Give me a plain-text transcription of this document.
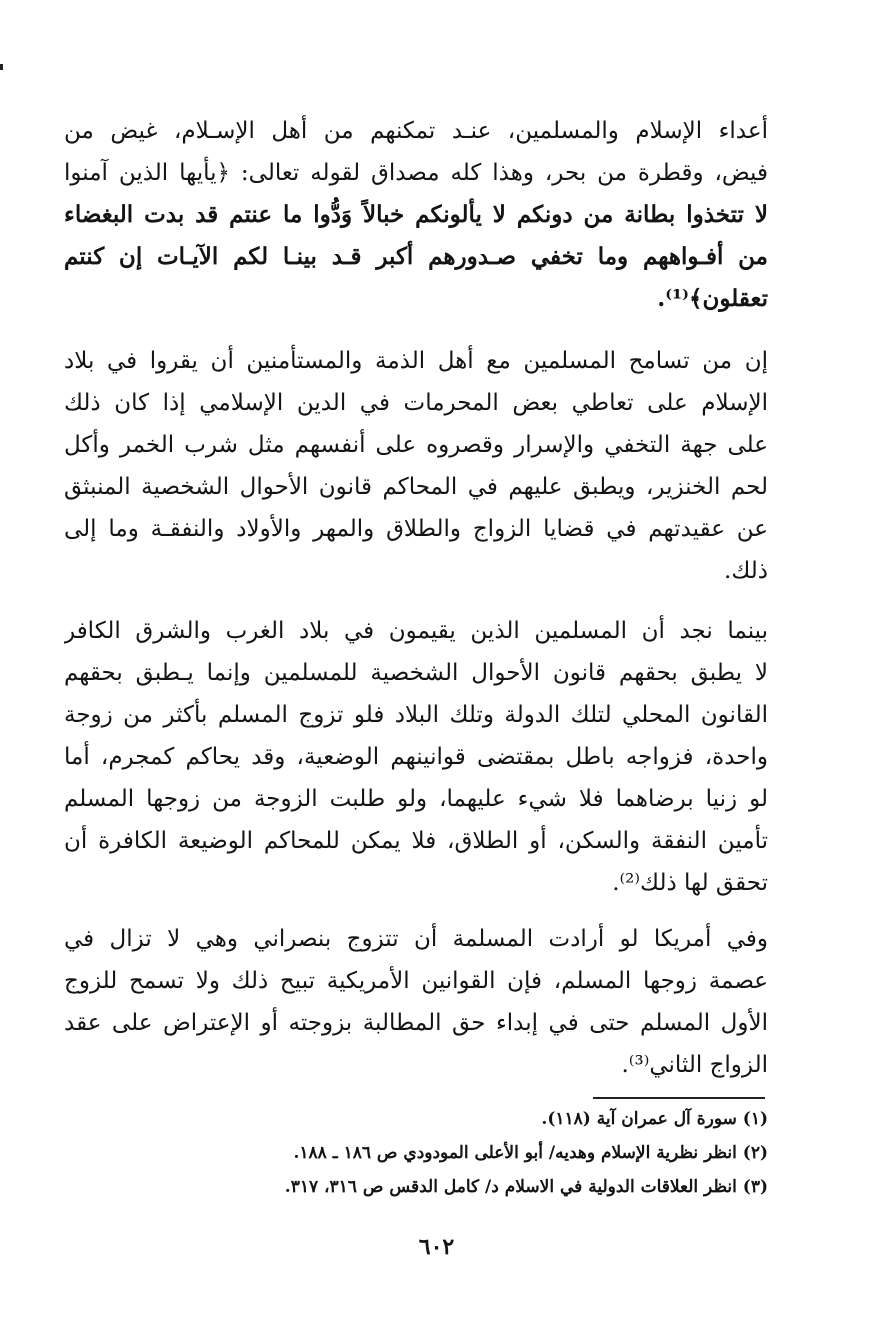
أعداء الإسلام والمسلمين، عنـد تمكنهم من أهل الإسـلام، غيض من
فيض، وقطرة من بحر، وهذا كله مصداق لقوله تعالى: ﴿يأيها الذين آمنوا
لا تتخذوا بطانة من دونكم لا يألونكم خبالاً وَدُّوا ما عنتم قد بدت البغضاء
من أفـواههم وما تخفي صـدورهم أكبر قـد بينـا لكم الآيـات إن كنتم
تعقلون﴾⁽¹⁾.
إن من تسامح المسلمين مع أهل الذمة والمستأمنين أن يقروا في بلاد
الإسلام على تعاطي بعض المحرمات في الدين الإسلامي إذا كان ذلك
على جهة التخفي والإسرار وقصروه على أنفسهم مثل شرب الخمر وأكل
لحم الخنزير، ويطبق عليهم في المحاكم قانون الأحوال الشخصية المنبثق
عن عقيدتهم في قضايا الزواج والطلاق والمهر والأولاد والنفقـة وما إلى
ذلك.
بينما نجد أن المسلمين الذين يقيمون في بلاد الغرب والشرق الكافر
لا يطبق بحقهم قانون الأحوال الشخصية للمسلمين وإنما يـطبق بحقهم
القانون المحلي لتلك الدولة وتلك البلاد فلو تزوج المسلم بأكثر من زوجة
واحدة، فزواجه باطل بمقتضى قوانينهم الوضعية، وقد يحاكم كمجرم، أما
لو زنيا برضاهما فلا شيء عليهما، ولو طلبت الزوجة من زوجها المسلم
تأمين النفقة والسكن، أو الطلاق، فلا يمكن للمحاكم الوضيعة الكافرة أن
تحقق لها ذلك⁽²⁾.
وفي أمريكا لو أرادت المسلمة أن تتزوج بنصراني وهي لا تزال في
عصمة زوجها المسلم، فإن القوانين الأمريكية تبيح ذلك ولا تسمح للزوج
الأول المسلم حتى في إبداء حق المطالبة بزوجته أو الإعتراض على عقد
الزواج الثاني⁽³⁾.
(١) سورة آل عمران آية (١١٨).
(٢) انظر نظرية الإسلام وهديه/ أبو الأعلى المودودي ص ١٨٦ ـ ١٨٨.
(٣) انظر العلاقات الدولية في الاسلام د/ كامل الدقس ص ٣١٦، ٣١٧.
٦٠٢
